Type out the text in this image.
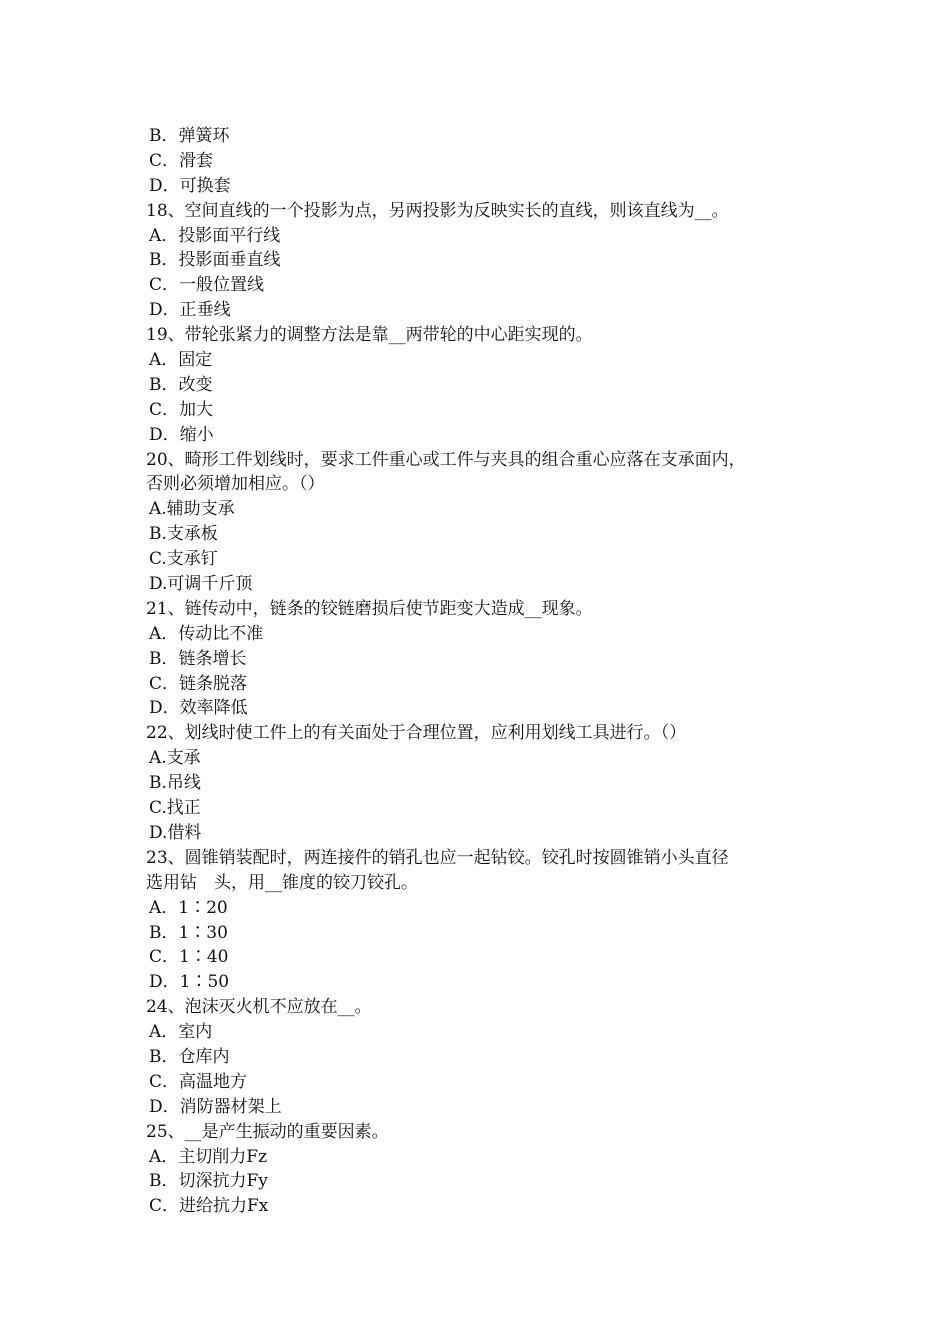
B．弹簧环
C．滑套
D．可换套
18、空间直线的一个投影为点，另两投影为反映实长的直线，则该直线为__。
A．投影面平行线
B．投影面垂直线
C．一般位置线
D．正垂线
19、带轮张紧力的调整方法是靠__两带轮的中心距实现的。
A．固定
B．改变
C．加大
D．缩小
20、畸形工件划线时，要求工件重心或工件与夹具的组合重心应落在支承面内，
否则必须增加相应。（）
A.辅助支承
B.支承板
C.支承钉
D.可调千斤顶
21、链传动中，链条的铰链磨损后使节距变大造成__现象。
A．传动比不准
B．链条增长
C．链条脱落
D．效率降低
22、划线时使工件上的有关面处于合理位置，应利用划线工具进行。（）
A.支承
B.吊线
C.找正
D.借料
23、圆锥销装配时，两连接件的销孔也应一起钻铰。铰孔时按圆锥销小头直径
选用钻　头，用__锥度的铰刀铰孔。
A．1∶20
B．1∶30
C．1∶40
D．1∶50
24、泡沫灭火机不应放在__。
A．室内
B．仓库内
C．高温地方
D．消防器材架上
25、__是产生振动的重要因素。
A．主切削力Fz
B．切深抗力Fy
C．进给抗力Fx
